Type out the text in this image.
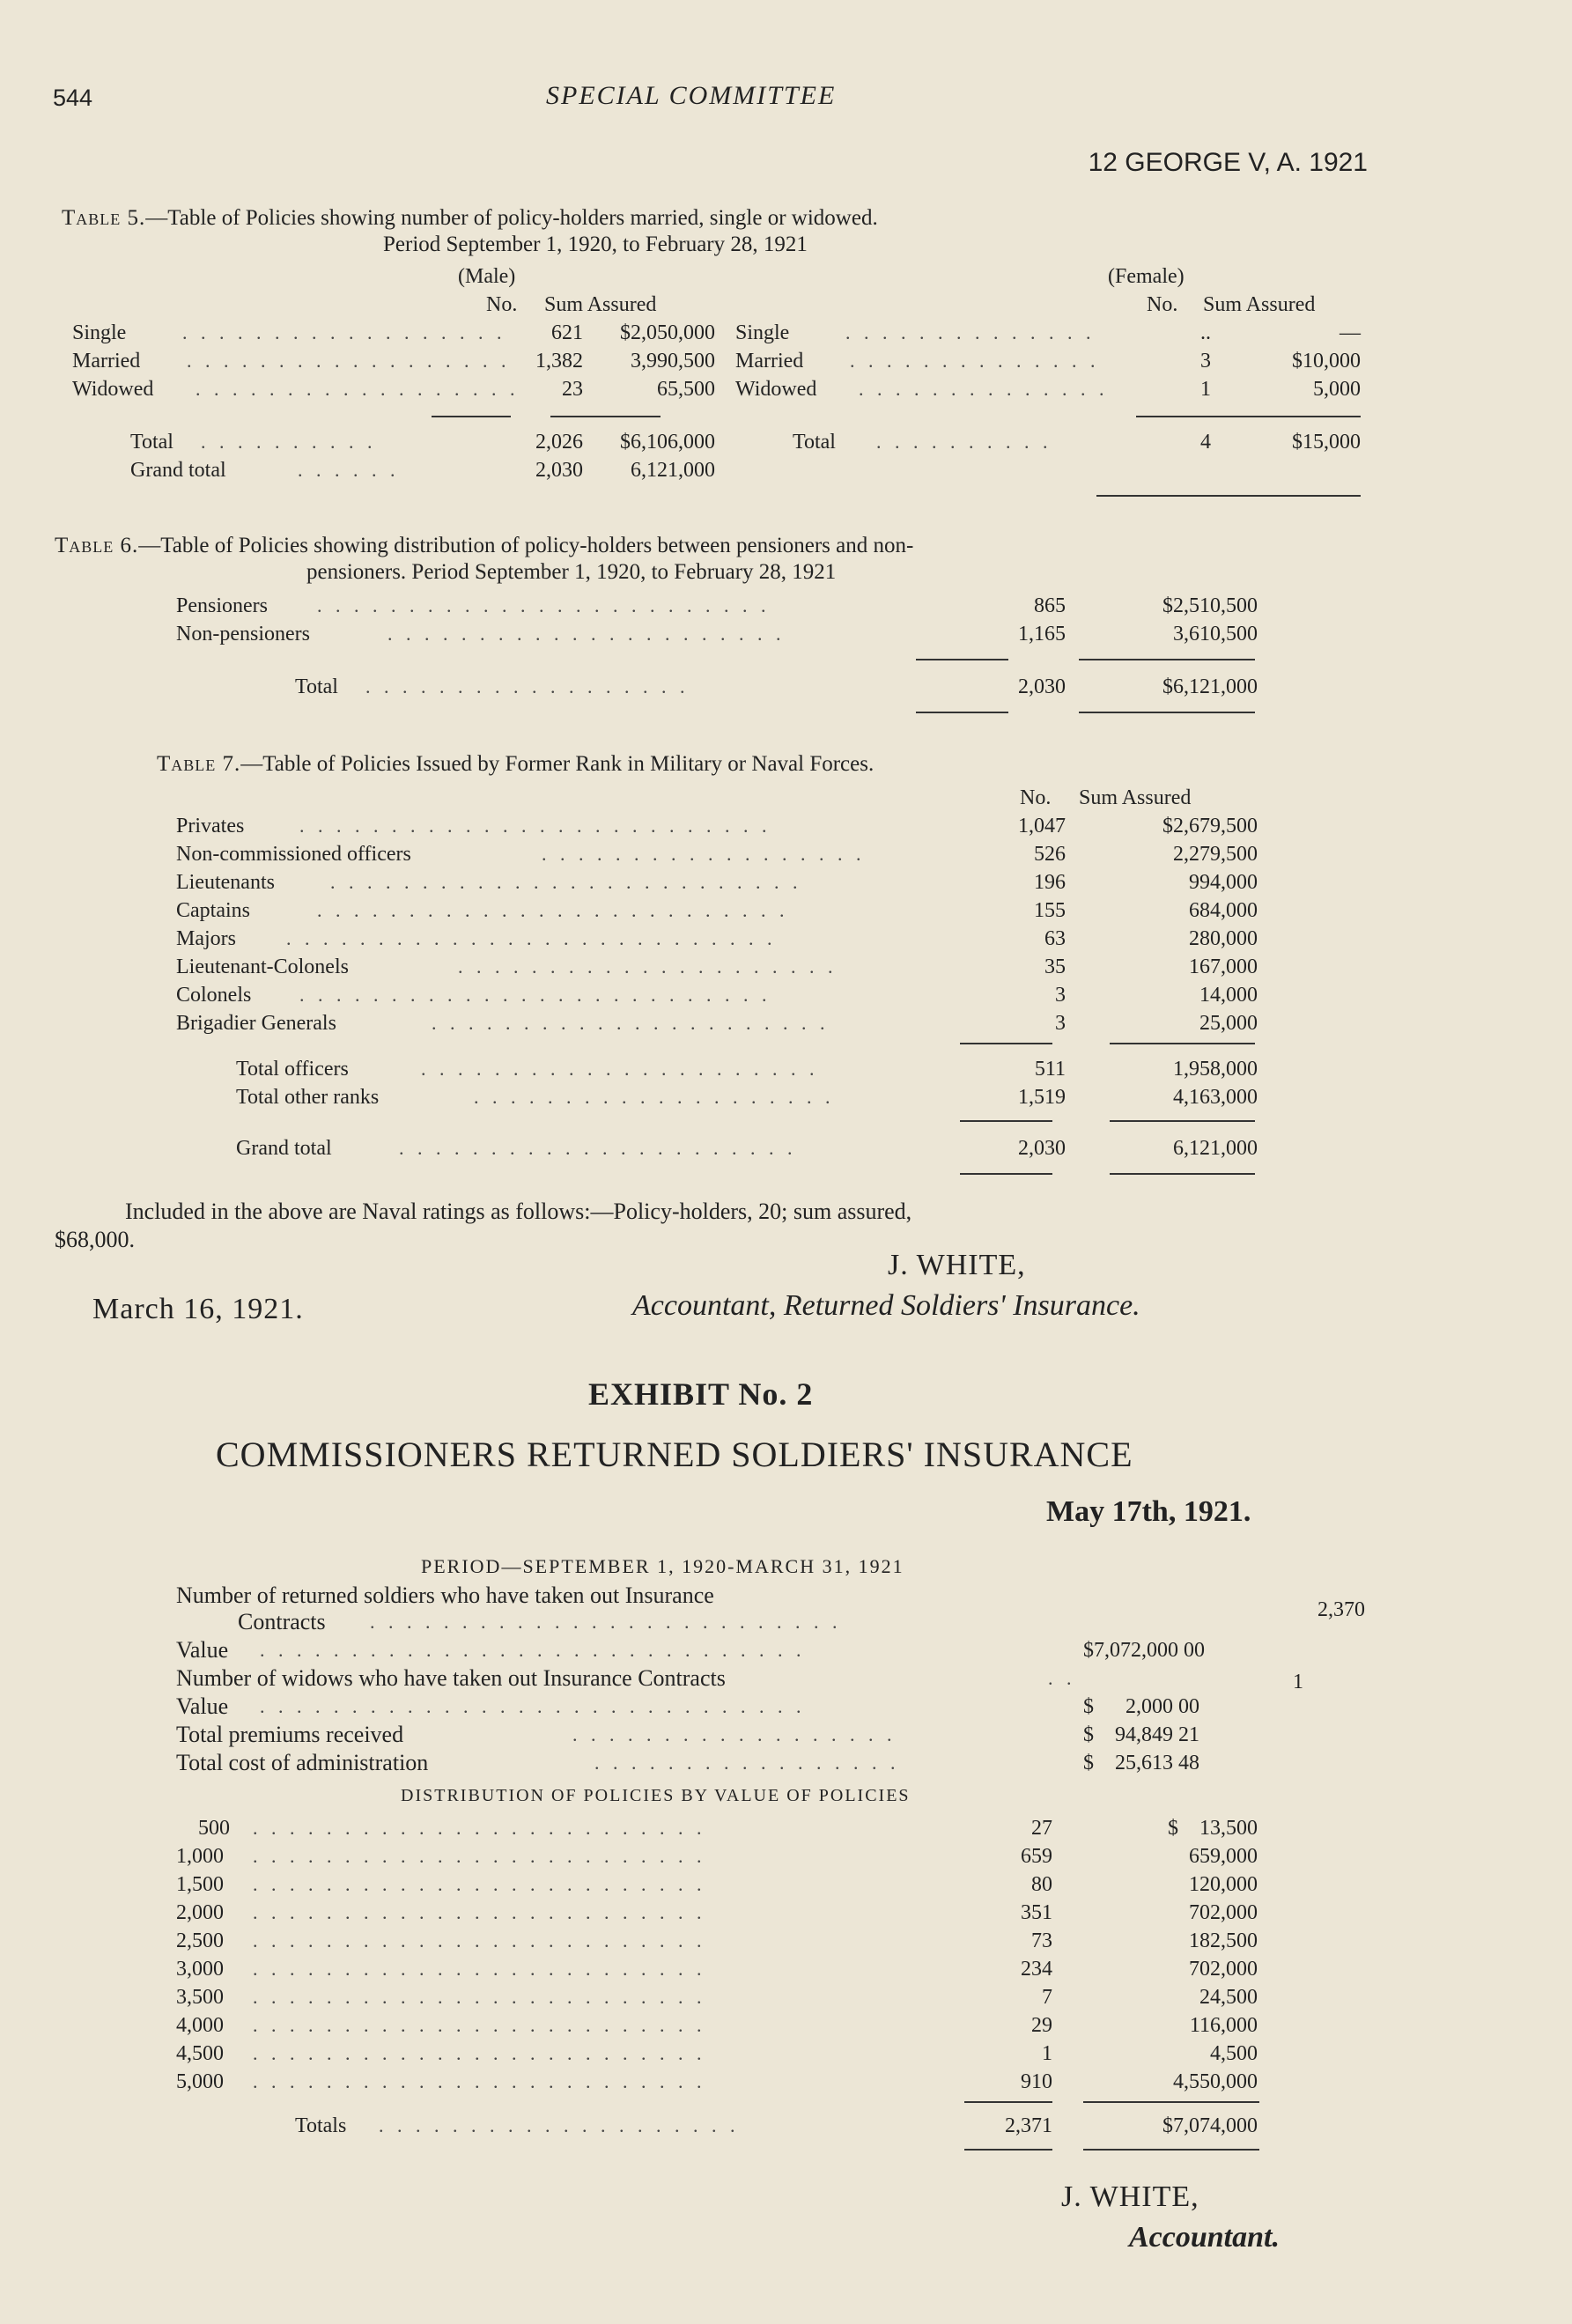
544	SPECIAL COMMITTEE
12 GEORGE V, A. 1921
Table 5.—Table of Policies showing number of policy-holders married, single or widowed.
Period September 1, 1920, to February 28, 1921
(Male)	(Female)
No. Sum Assured	No. Sum Assured
Single	. . . . . . . . . . . . . . . . . .	621	$2,050,000
Married . . . . . . . . . . . . . . . . . .	1,382	3,990,500
Widowed . . . . . . . . . . . . . . . . . .	23	65,500
Single	. . . . . . . . . . . . . .	..	—
Married . . . . . . . . . . . . . .	3	$10,000
Widowed . . . . . . . . . . . . . .	1	5,000
Total . . . . . . . . . .	2,026	$6,106,000	Total . . . . . . . . . .	4	$15,000
Grand total	. . . . . .	2,030	6,121,000
Table 6.—Table of Policies showing distribution of policy-holders between pensioners and non-
pensioners. Period September 1, 1920, to February 28, 1921
Pensioners	. . . . . . . . . . . . . . . . . . . . . . . . .	865	$2,510,500
Non-pensioners	. . . . . . . . . . . . . . . . . . . . . .	1,165	3,610,500
Total . . . . . . . . . . . . . . . . . .	2,030	$6,121,000
Table 7.—Table of Policies Issued by Former Rank in Military or Naval Forces.
No. Sum Assured
Privates	. . . . . . . . . . . . . . . . . . . . . . . . . .	1,047	$2,679,500
Non-commissioned officers	. . . . . . . . . . . . . . . . . .	526	2,279,500
Lieutenants	. . . . . . . . . . . . . . . . . . . . . . . . . .	196	994,000
Captains	. . . . . . . . . . . . . . . . . . . . . . . . . .	155	684,000
Majors	. . . . . . . . . . . . . . . . . . . . . . . . . . .	63	280,000
Lieutenant-Colonels	. . . . . . . . . . . . . . . . . . . . .	35	167,000
Colonels . . . . . . . . . . . . . . . . . . . . . . . . . .	3	14,000
Brigadier Generals	. . . . . . . . . . . . . . . . . . . . . .	3	25,000
Total officers	. . . . . . . . . . . . . . . . . . . . . .	511	1,958,000
Total other ranks	. . . . . . . . . . . . . . . . . . . .	1,519	4,163,000
Grand total	. . . . . . . . . . . . . . . . . . . . . .	2,030	6,121,000
Included in the above are Naval ratings as follows:—Policy-holders, 20; sum assured,
$68,000.
J. WHITE,
March 16, 1921.	Accountant, Returned Soldiers' Insurance.
EXHIBIT No. 2
COMMISSIONERS RETURNED SOLDIERS' INSURANCE
May 17th, 1921.
PERIOD—SEPTEMBER 1, 1920-MARCH 31, 1921
Number of returned soldiers who have taken out Insurance
Contracts . . . . . . . . . . . . . . . . . . . . . . . . . .
2,370
Value . . . . . . . . . . . . . . . . . . . . . . . . . . . . . .	$7,072,000 00
Number of widows who have taken out Insurance Contracts	. .	1
Value . . . . . . . . . . . . . . . . . . . . . . . . . . . . . .	$      2,000 00
Total premiums received	. . . . . . . . . . . . . . . . . .	$    94,849 21
Total cost of administration	. . . . . . . . . . . . . . . . .	$    25,613 48
DISTRIBUTION OF POLICIES BY VALUE OF POLICIES
500 . . . . . . . . . . . . . . . . . . . . . . . . .	27	$    13,500
1,000 . . . . . . . . . . . . . . . . . . . . . . . . .	659	659,000
1,500 . . . . . . . . . . . . . . . . . . . . . . . . .	80	120,000
2,000 . . . . . . . . . . . . . . . . . . . . . . . . .	351	702,000
2,500 . . . . . . . . . . . . . . . . . . . . . . . . .	73	182,500
3,000 . . . . . . . . . . . . . . . . . . . . . . . . .	234	702,000
3,500 . . . . . . . . . . . . . . . . . . . . . . . . .	7	24,500
4,000 . . . . . . . . . . . . . . . . . . . . . . . . .	29	116,000
4,500 . . . . . . . . . . . . . . . . . . . . . . . . .	1	4,500
5,000 . . . . . . . . . . . . . . . . . . . . . . . . .	910	4,550,000
Totals . . . . . . . . . . . . . . . . . . . .	2,371	$7,074,000
J. WHITE,
Accountant.
